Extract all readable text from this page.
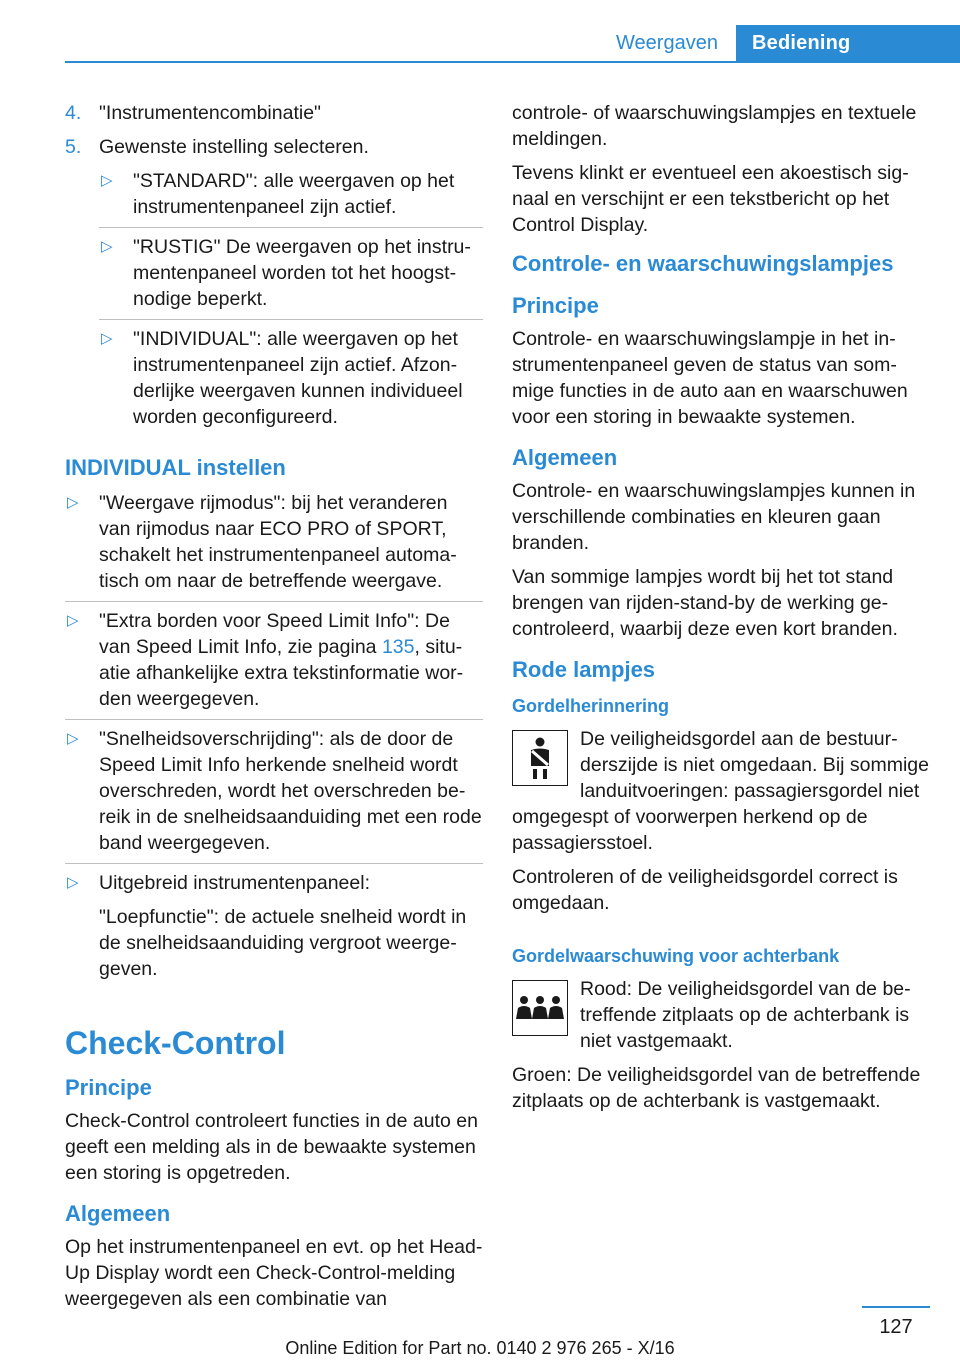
Weergaven	Bediening
4. "Instrumentencombinatie"
5. Gewenste instelling selecteren.
▷ "STANDARD": alle weergaven op het instrumentenpaneel zijn actief.
▷ "RUSTIG" De weergaven op het instrumentenpaneel worden tot het hoogstnodige beperkt.
▷ "INDIVIDUAL": alle weergaven op het instrumentenpaneel zijn actief. Afzonderlijke weergaven kunnen individueel worden geconfigureerd.
INDIVIDUAL instellen
▷ "Weergave rijmodus": bij het veranderen van rijmodus naar ECO PRO of SPORT, schakelt het instrumentenpaneel automatisch om naar de betreffende weergave.
▷ "Extra borden voor Speed Limit Info": De van Speed Limit Info, zie pagina 135, situatie afhankelijke extra tekstinformatie worden weergegeven.
▷ "Snelheidsoverschrijding": als de door de Speed Limit Info herkende snelheid wordt overschreden, wordt het overschreden bereik in de snelheidsaanduiding met een rode band weergegeven.
▷ Uitgebreid instrumentenpaneel:
"Loepfunctie": de actuele snelheid wordt in de snelheidsaanduiding vergroot weergegeven.
Check-Control
Principe

Check-Control controleert functies in de auto en geeft een melding als in de bewaakte systemen een storing is opgetreden.

Algemeen

Op het instrumentenpaneel en evt. op het Head-Up Display wordt een Check-Control-melding weergegeven als een combinatie van

controle- of waarschuwingslampjes en textuele meldingen.

Tevens klinkt er eventueel een akoestisch signaal en verschijnt er een tekstbericht op het Control Display.

Controle- en waarschuwingslampjes
Principe

Controle- en waarschuwingslampje in het instrumentenpaneel geven de status van sommige functies in de auto aan en waarschuwen voor een storing in bewaakte systemen.

Algemeen

Controle- en waarschuwingslampjes kunnen in verschillende combinaties en kleuren gaan branden.

Van sommige lampjes wordt bij het tot stand brengen van rijden-stand-by de werking gecontroleerd, waarbij deze even kort branden.

Rode lampjes
Gordelherinnering

De veiligheidsgordel aan de bestuurderszijde is niet omgedaan. Bij sommige landuitvoeringen: passagiersgordel niet omgegespt of voorwerpen herkend op de passagiersstoel.

Controleren of de veiligheidsgordel correct is omgedaan.

Gordelwaarschuwing voor achterbank

Rood: De veiligheidsgordel van de betreffende zitplaats op de achterbank is niet vastgemaakt.

Groen: De veiligheidsgordel van de betreffende zitplaats op de achterbank is vastgemaakt.

127
Online Edition for Part no. 0140 2 976 265 - X/16
